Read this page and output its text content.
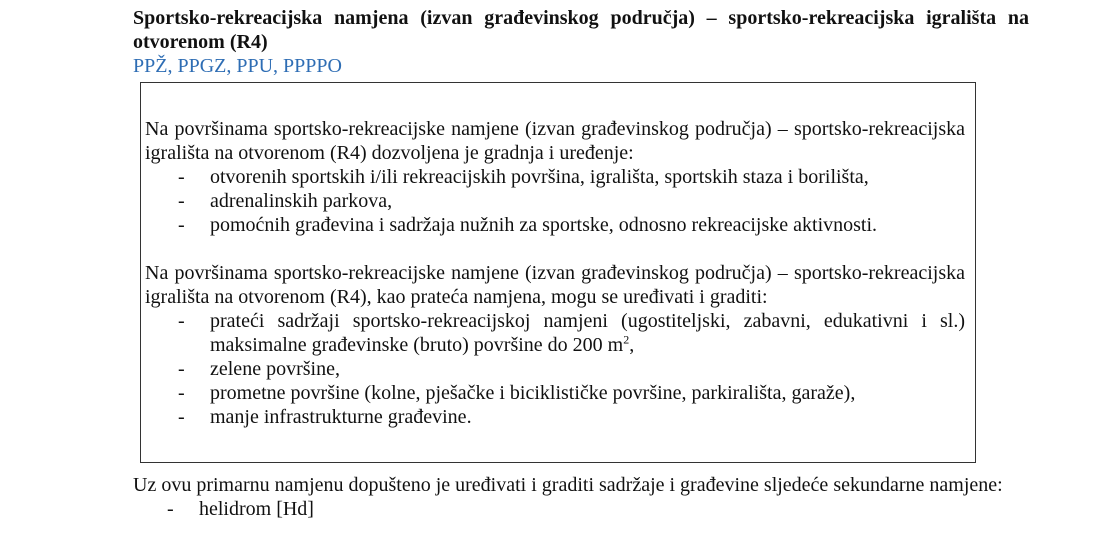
Sportsko-rekreacijska namjena (izvan građevinskog područja) – sportsko-rekreacijska igrališta na otvorenom (R4)
PPŽ, PPGZ, PPU, PPPPO

Na površinama sportsko-rekreacijske namjene (izvan građevinskog područja) – sportsko-rekreacijska igrališta na otvorenom (R4) dozvoljena je gradnja i uređenje:

- otvorenih sportskih i/ili rekreacijskih površina, igrališta, sportskih staza i borilišta,
- adrenalinskih parkova,
- pomoćnih građevina i sadržaja nužnih za sportske, odnosno rekreacijske aktivnosti.

Na površinama sportsko-rekreacijske namjene (izvan građevinskog područja) – sportsko-rekreacijska igrališta na otvorenom (R4), kao prateća namjena, mogu se uređivati i graditi:

- prateći sadržaji sportsko-rekreacijskoj namjeni (ugostiteljski, zabavni, edukativni i sl.) maksimalne građevinske (bruto) površine do 200 $m^2$,
- zelene površine,
- prometne površine (kolne, pješačke i biciklističke površine, parkirališta, garaže),
- manje infrastrukturne građevine.

Uz ovu primarnu namjenu dopušteno je uređivati i graditi sadržaje i građevine sljedeće sekundarne namjene:

- helidrom [Hd]
